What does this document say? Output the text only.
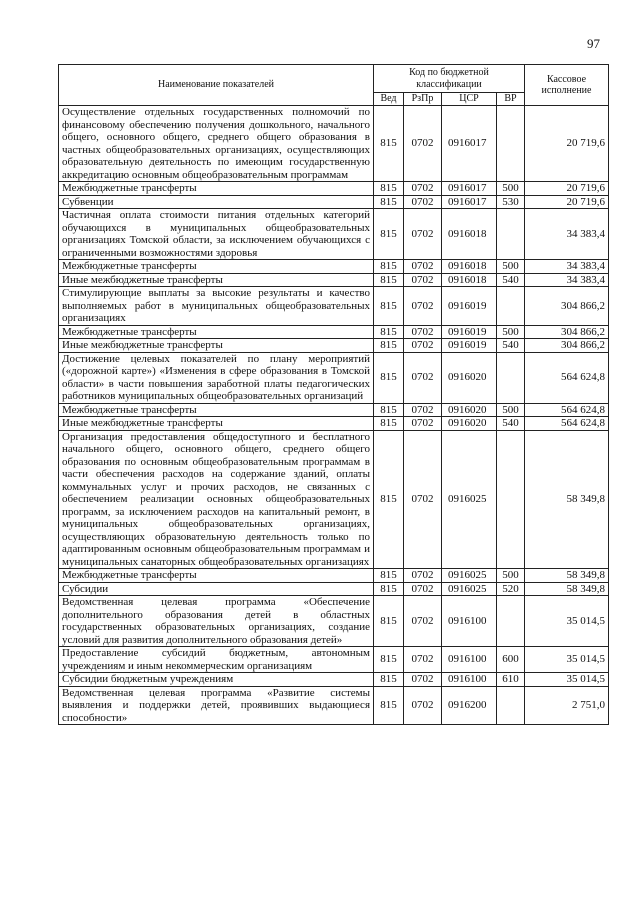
97
Наименование показателей	Код по бюджетной классификации				Кассовое исполнение
	Вед	РзПр	ЦСР	ВР	
Осуществление отдельных государственных полномочий по финансовому обеспечению получения дошкольного, начального общего, основного общего, среднего общего образования в частных общеобразовательных организациях, осуществляющих образовательную деятельность по имеющим государственную аккредитацию основным общеобразовательным программам	815	0702	0916017		20 719,6
Межбюджетные трансферты	815	0702	0916017	500	20 719,6
Субвенции	815	0702	0916017	530	20 719,6
Частичная оплата стоимости питания отдельных категорий обучающихся в муниципальных общеобразовательных организациях Томской области, за исключением обучающихся с ограниченными возможностями здоровья	815	0702	0916018		34 383,4
Межбюджетные трансферты	815	0702	0916018	500	34 383,4
Иные межбюджетные трансферты	815	0702	0916018	540	34 383,4
Стимулирующие выплаты за высокие результаты и качество выполняемых работ в муниципальных общеобразовательных организациях	815	0702	0916019		304 866,2
Межбюджетные трансферты	815	0702	0916019	500	304 866,2
Иные межбюджетные трансферты	815	0702	0916019	540	304 866,2
Достижение целевых показателей по плану мероприятий («дорожной карте») «Изменения в сфере образования в Томской области» в части повышения заработной платы педагогических работников муниципальных общеобразовательных организаций	815	0702	0916020		564 624,8
Межбюджетные трансферты	815	0702	0916020	500	564 624,8
Иные межбюджетные трансферты	815	0702	0916020	540	564 624,8
Организация предоставления общедоступного и бесплатного начального общего, основного общего, среднего общего образования по основным общеобразовательным программам в части обеспечения расходов на содержание зданий, оплаты коммунальных услуг и прочих расходов, не связанных с обеспечением реализации основных общеобразовательных программ, за исключением расходов на капитальный ремонт, в муниципальных общеобразовательных организациях, осуществляющих образовательную деятельность только по адаптированным основным общеобразовательным программам и муниципальных санаторных общеобразовательных организациях	815	0702	0916025		58 349,8
Межбюджетные трансферты	815	0702	0916025	500	58 349,8
Субсидии	815	0702	0916025	520	58 349,8
Ведомственная целевая программа «Обеспечение дополнительного образования детей в областных государственных образовательных организациях, создание условий для развития дополнительного образования детей»	815	0702	0916100		35 014,5
Предоставление субсидий бюджетным, автономным учреждениям и иным некоммерческим организациям	815	0702	0916100	600	35 014,5
Субсидии бюджетным учреждениям	815	0702	0916100	610	35 014,5
Ведомственная целевая программа «Развитие системы выявления и поддержки детей, проявивших выдающиеся способности»	815	0702	0916200		2 751,0
